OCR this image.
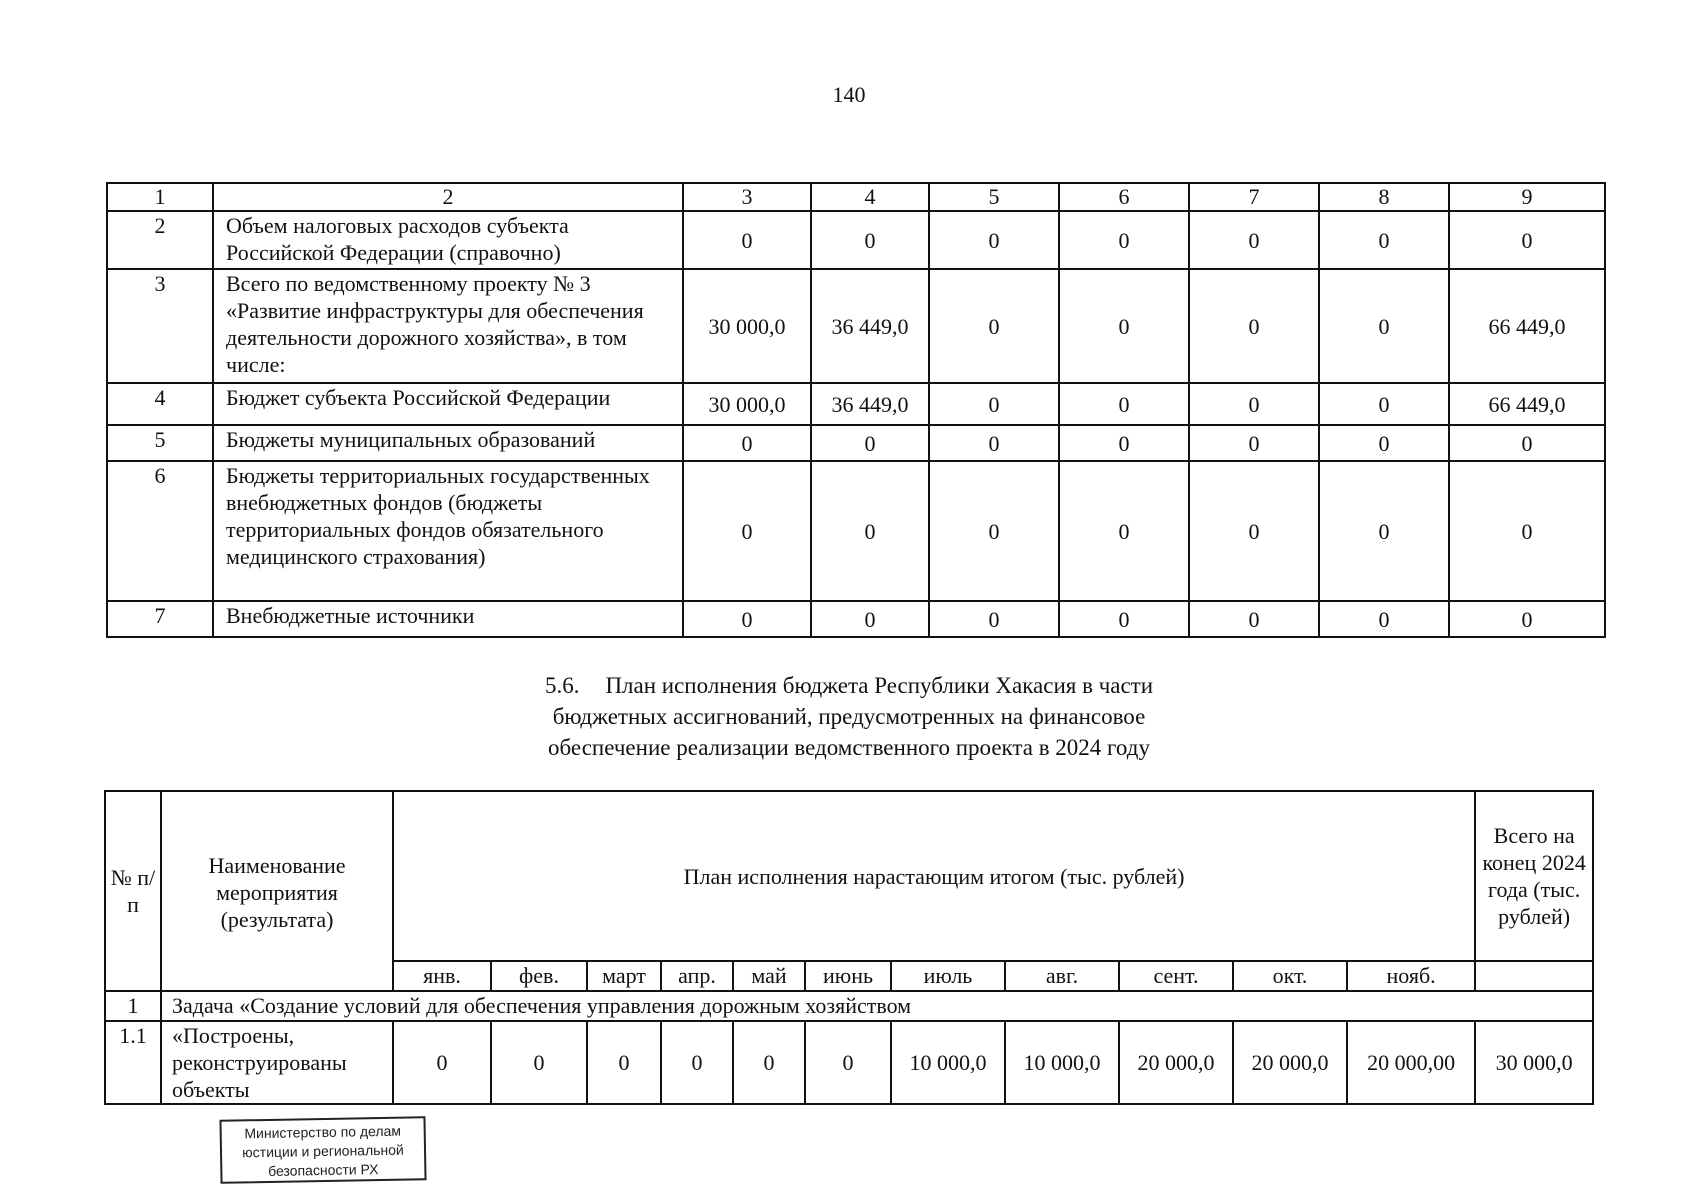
140
1	2	3	4	5	6	7	8	9
2	Объем налоговых расходов субъекта Российской Федерации (справочно)	0	0	0	0	0	0	0
3	Всего по ведомственному проекту № 3 «Развитие инфраструктуры для обеспечения деятельности дорожного хозяйства», в том числе:	30 000,0	36 449,0	0	0	0	0	66 449,0
4	Бюджет субъекта Российской Федерации	30 000,0	36 449,0	0	0	0	0	66 449,0
5	Бюджеты муниципальных образований	0	0	0	0	0	0	0
6	Бюджеты территориальных государственных внебюджетных фондов (бюджеты территориальных фондов обязательного медицинского страхования)	0	0	0	0	0	0	0
7	Внебюджетные источники	0	0	0	0	0	0	0
5.6. План исполнения бюджета Республики Хакасия в части
бюджетных ассигнований, предусмотренных на финансовое
обеспечение реализации ведомственного проекта в 2024 году
№ п/п	Наименование мероприятия (результата)	План исполнения нарастающим итогом (тыс. рублей)											Всего на конец 2024 года (тыс. рублей)
		янв.	фев.	март	апр.	май	июнь	июль	авг.	сент.	окт.	нояб.	
1	Задача «Создание условий для обеспечения управления дорожным хозяйством												
1.1	«Построены, реконструированы объекты	0	0	0	0	0	0	10 000,0	10 000,0	20 000,0	20 000,0	20 000,00	30 000,0
Министерство по делам
юстиции и региональной
безопасности РХ
